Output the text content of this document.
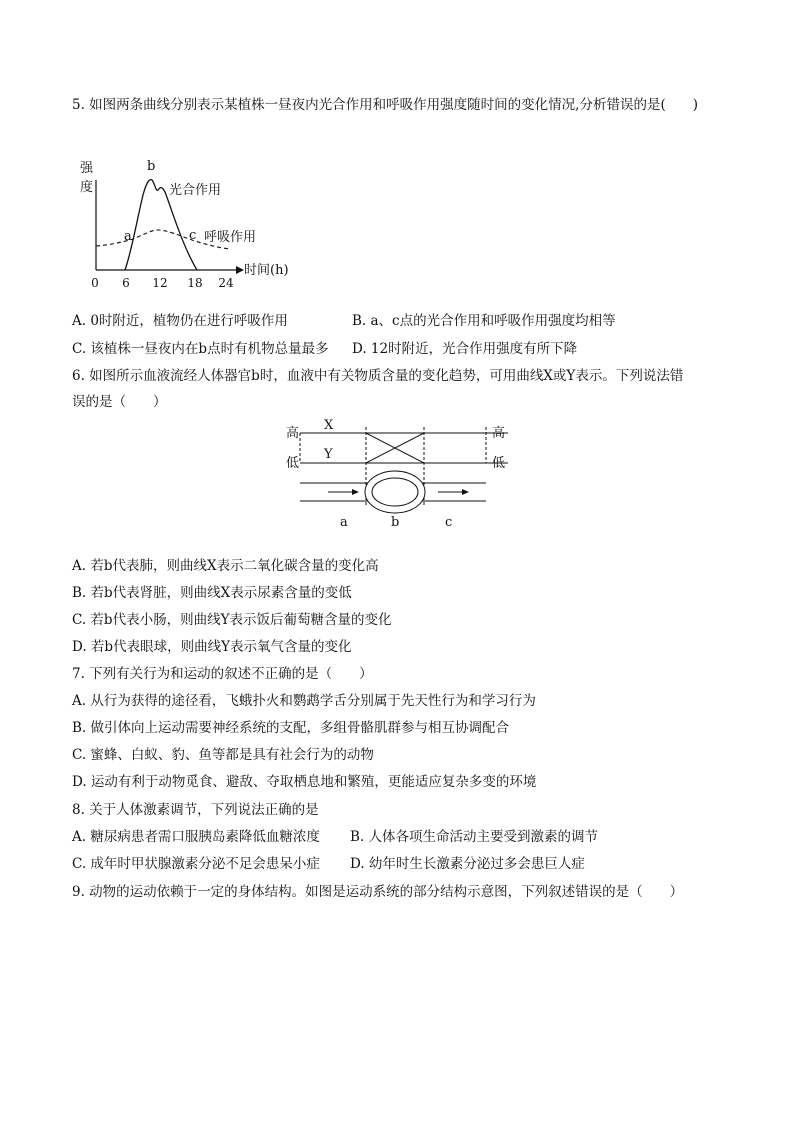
5. 如图两条曲线分别表示某植株一昼夜内光合作用和呼吸作用强度随时间的变化情况,分析错误的是(　　)
强
度
时间(h)
0 6 12 18 24
a
b
c
光合作用
呼吸作用
A. 0时附近，植物仍在进行呼吸作用	B. a、c点的光合作用和呼吸作用强度均相等
C. 该植株一昼夜内在b点时有机物总量最多 D. 12时附近，光合作用强度有所下降
6. 如图所示血液流经人体器官b时，血液中有关物质含量的变化趋势，可用曲线X或Y表示。下列说法错
误的是（　　）
高
低
高
低
X
Y
a	b	c
A. 若b代表肺，则曲线X表示二氧化碳含量的变化高
B. 若b代表肾脏，则曲线X表示尿素含量的变低
C. 若b代表小肠，则曲线Y表示饭后葡萄糖含量的变化
D. 若b代表眼球，则曲线Y表示氧气含量的变化
7. 下列有关行为和运动的叙述不正确的是（　　）
A. 从行为获得的途径看，飞蛾扑火和鹦鹉学舌分别属于先天性行为和学习行为
B. 做引体向上运动需要神经系统的支配，多组骨骼肌群参与相互协调配合
C. 蜜蜂、白蚁、豹、鱼等都是具有社会行为的动物
D. 运动有利于动物觅食、避敌、夺取栖息地和繁殖，更能适应复杂多变的环境
8. 关于人体激素调节，下列说法正确的是
A. 糖尿病患者需口服胰岛素降低血糖浓度 B. 人体各项生命活动主要受到激素的调节
C. 成年时甲状腺激素分泌不足会患呆小症 D. 幼年时生长激素分泌过多会患巨人症
9. 动物的运动依赖于一定的身体结构。如图是运动系统的部分结构示意图，下列叙述错误的是（　　）
